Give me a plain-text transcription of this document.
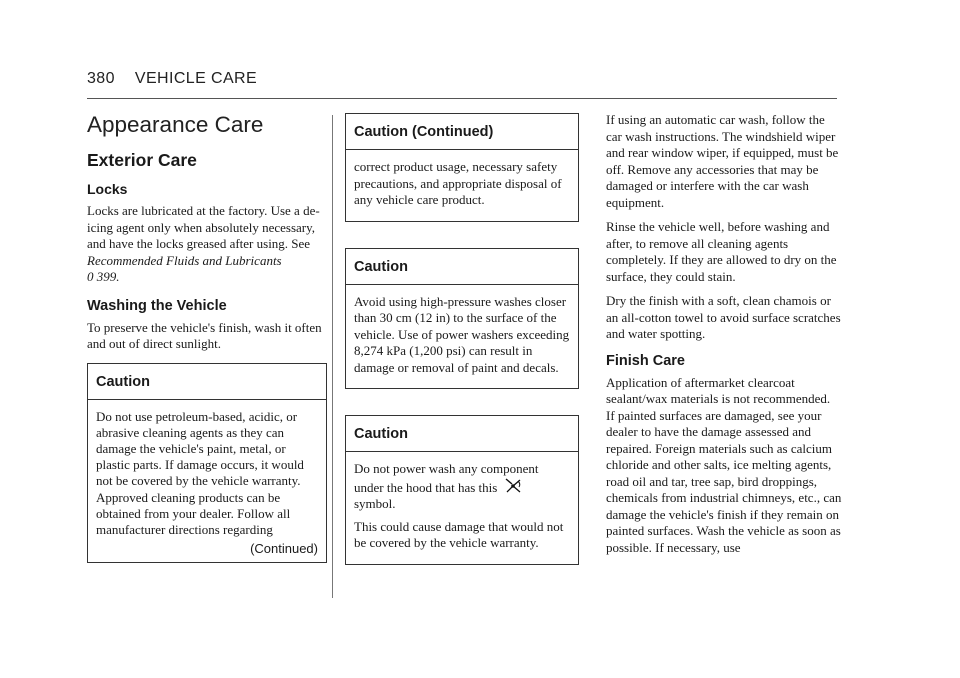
380 VEHICLE CARE
Appearance Care
Exterior Care
Locks

Locks are lubricated at the factory. Use a de-icing agent only when absolutely necessary, and have the locks greased after using. See Recommended Fluids and Lubricants
0 399.

Washing the Vehicle

To preserve the vehicle's finish, wash it often and out of direct sunlight.

Caution

Do not use petroleum-based, acidic, or abrasive cleaning agents as they can damage the vehicle's paint, metal, or plastic parts. If damage occurs, it would not be covered by the vehicle warranty. Approved cleaning products can be obtained from your dealer. Follow all manufacturer directions regarding

(Continued)
Caution (Continued)

correct product usage, necessary safety precautions, and appropriate disposal of any vehicle care product.

Caution

Avoid using high-pressure washes closer than 30 cm (12 in) to the surface of the vehicle. Use of power washers exceeding 8,274 kPa (1,200 psi) can result in damage or removal of paint and decals.

Caution

Do not power wash any component under the hood that has this
symbol.

This could cause damage that would not be covered by the vehicle warranty.

If using an automatic car wash, follow the car wash instructions. The windshield wiper and rear window wiper, if equipped, must be off. Remove any accessories that may be damaged or interfere with the car wash equipment.

Rinse the vehicle well, before washing and after, to remove all cleaning agents completely. If they are allowed to dry on the surface, they could stain.

Dry the finish with a soft, clean chamois or an all-cotton towel to avoid surface scratches and water spotting.

Finish Care

Application of aftermarket clearcoat sealant/wax materials is not recommended. If painted surfaces are damaged, see your dealer to have the damage assessed and repaired. Foreign materials such as calcium chloride and other salts, ice melting agents, road oil and tar, tree sap, bird droppings, chemicals from industrial chimneys, etc., can damage the vehicle's finish if they remain on painted surfaces. Wash the vehicle as soon as possible. If necessary, use
